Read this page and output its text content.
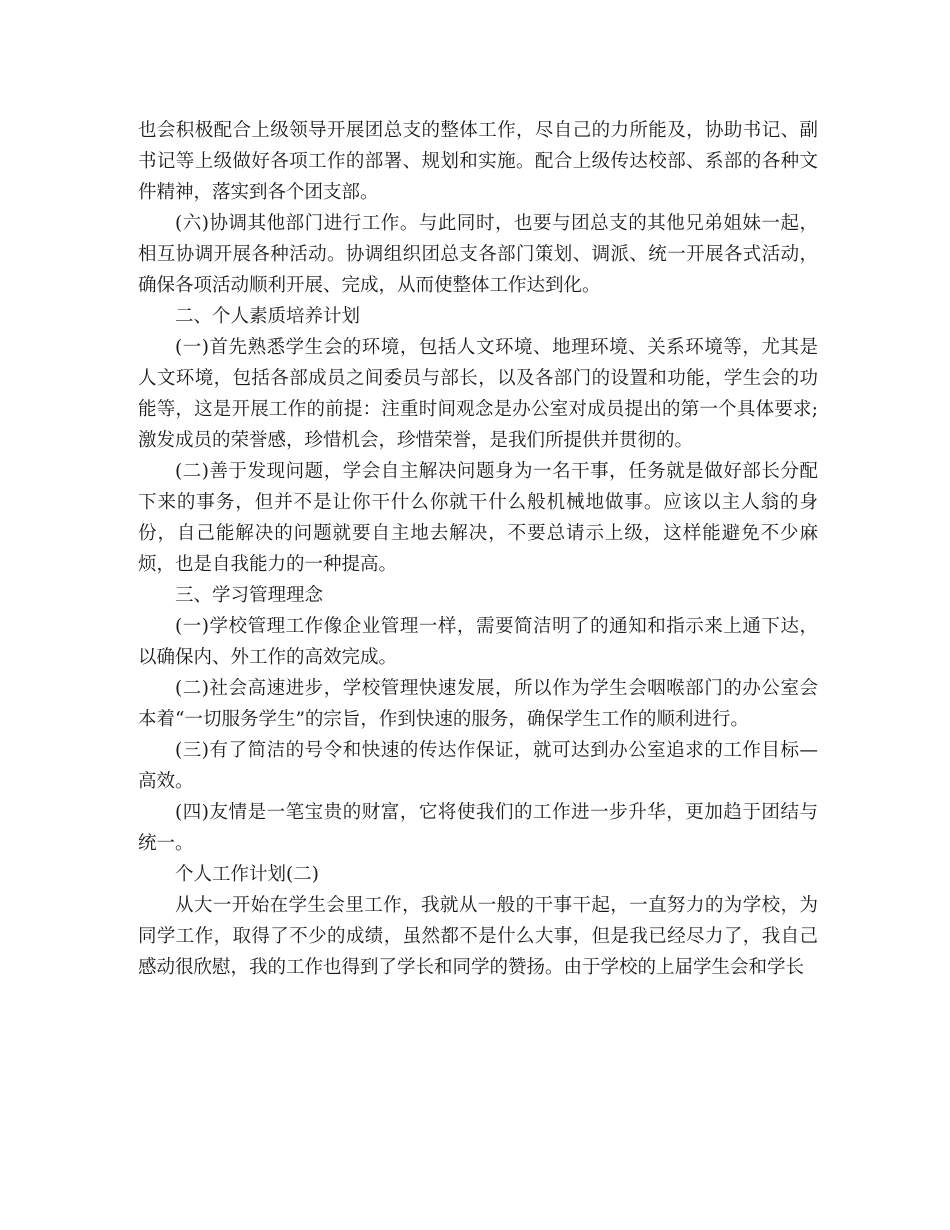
也会积极配合上级领导开展团总支的整体工作，尽自己的力所能及，协助书记、副书记等上级做好各项工作的部署、规划和实施。配合上级传达校部、系部的各种文件精神，落实到各个团支部。

(六)协调其他部门进行工作。与此同时，也要与团总支的其他兄弟姐妹一起，相互协调开展各种活动。协调组织团总支各部门策划、调派、统一开展各式活动，确保各项活动顺利开展、完成，从而使整体工作达到化。

二、个人素质培养计划

(一)首先熟悉学生会的环境，包括人文环境、地理环境、关系环境等，尤其是人文环境，包括各部成员之间委员与部长，以及各部门的设置和功能，学生会的功能等，这是开展工作的前提：注重时间观念是办公室对成员提出的第一个具体要求;激发成员的荣誉感，珍惜机会，珍惜荣誉，是我们所提供并贯彻的。

(二)善于发现问题，学会自主解决问题身为一名干事，任务就是做好部长分配下来的事务，但并不是让你干什么你就干什么般机械地做事。应该以主人翁的身份，自己能解决的问题就要自主地去解决，不要总请示上级，这样能避免不少麻烦，也是自我能力的一种提高。

三、学习管理理念

(一)学校管理工作像企业管理一样，需要简洁明了的通知和指示来上通下达，以确保内、外工作的高效完成。

(二)社会高速进步，学校管理快速发展，所以作为学生会咽喉部门的办公室会本着“一切服务学生”的宗旨，作到快速的服务，确保学生工作的顺利进行。

(三)有了简洁的号令和快速的传达作保证，就可达到办公室追求的工作目标—高效。

(四)友情是一笔宝贵的财富，它将使我们的工作进一步升华，更加趋于团结与统一。

个人工作计划(二)

从大一开始在学生会里工作，我就从一般的干事干起，一直努力的为学校，为同学工作，取得了不少的成绩，虽然都不是什么大事，但是我已经尽力了，我自己感动很欣慰，我的工作也得到了学长和同学的赞扬。由于学校的上届学生会和学长
